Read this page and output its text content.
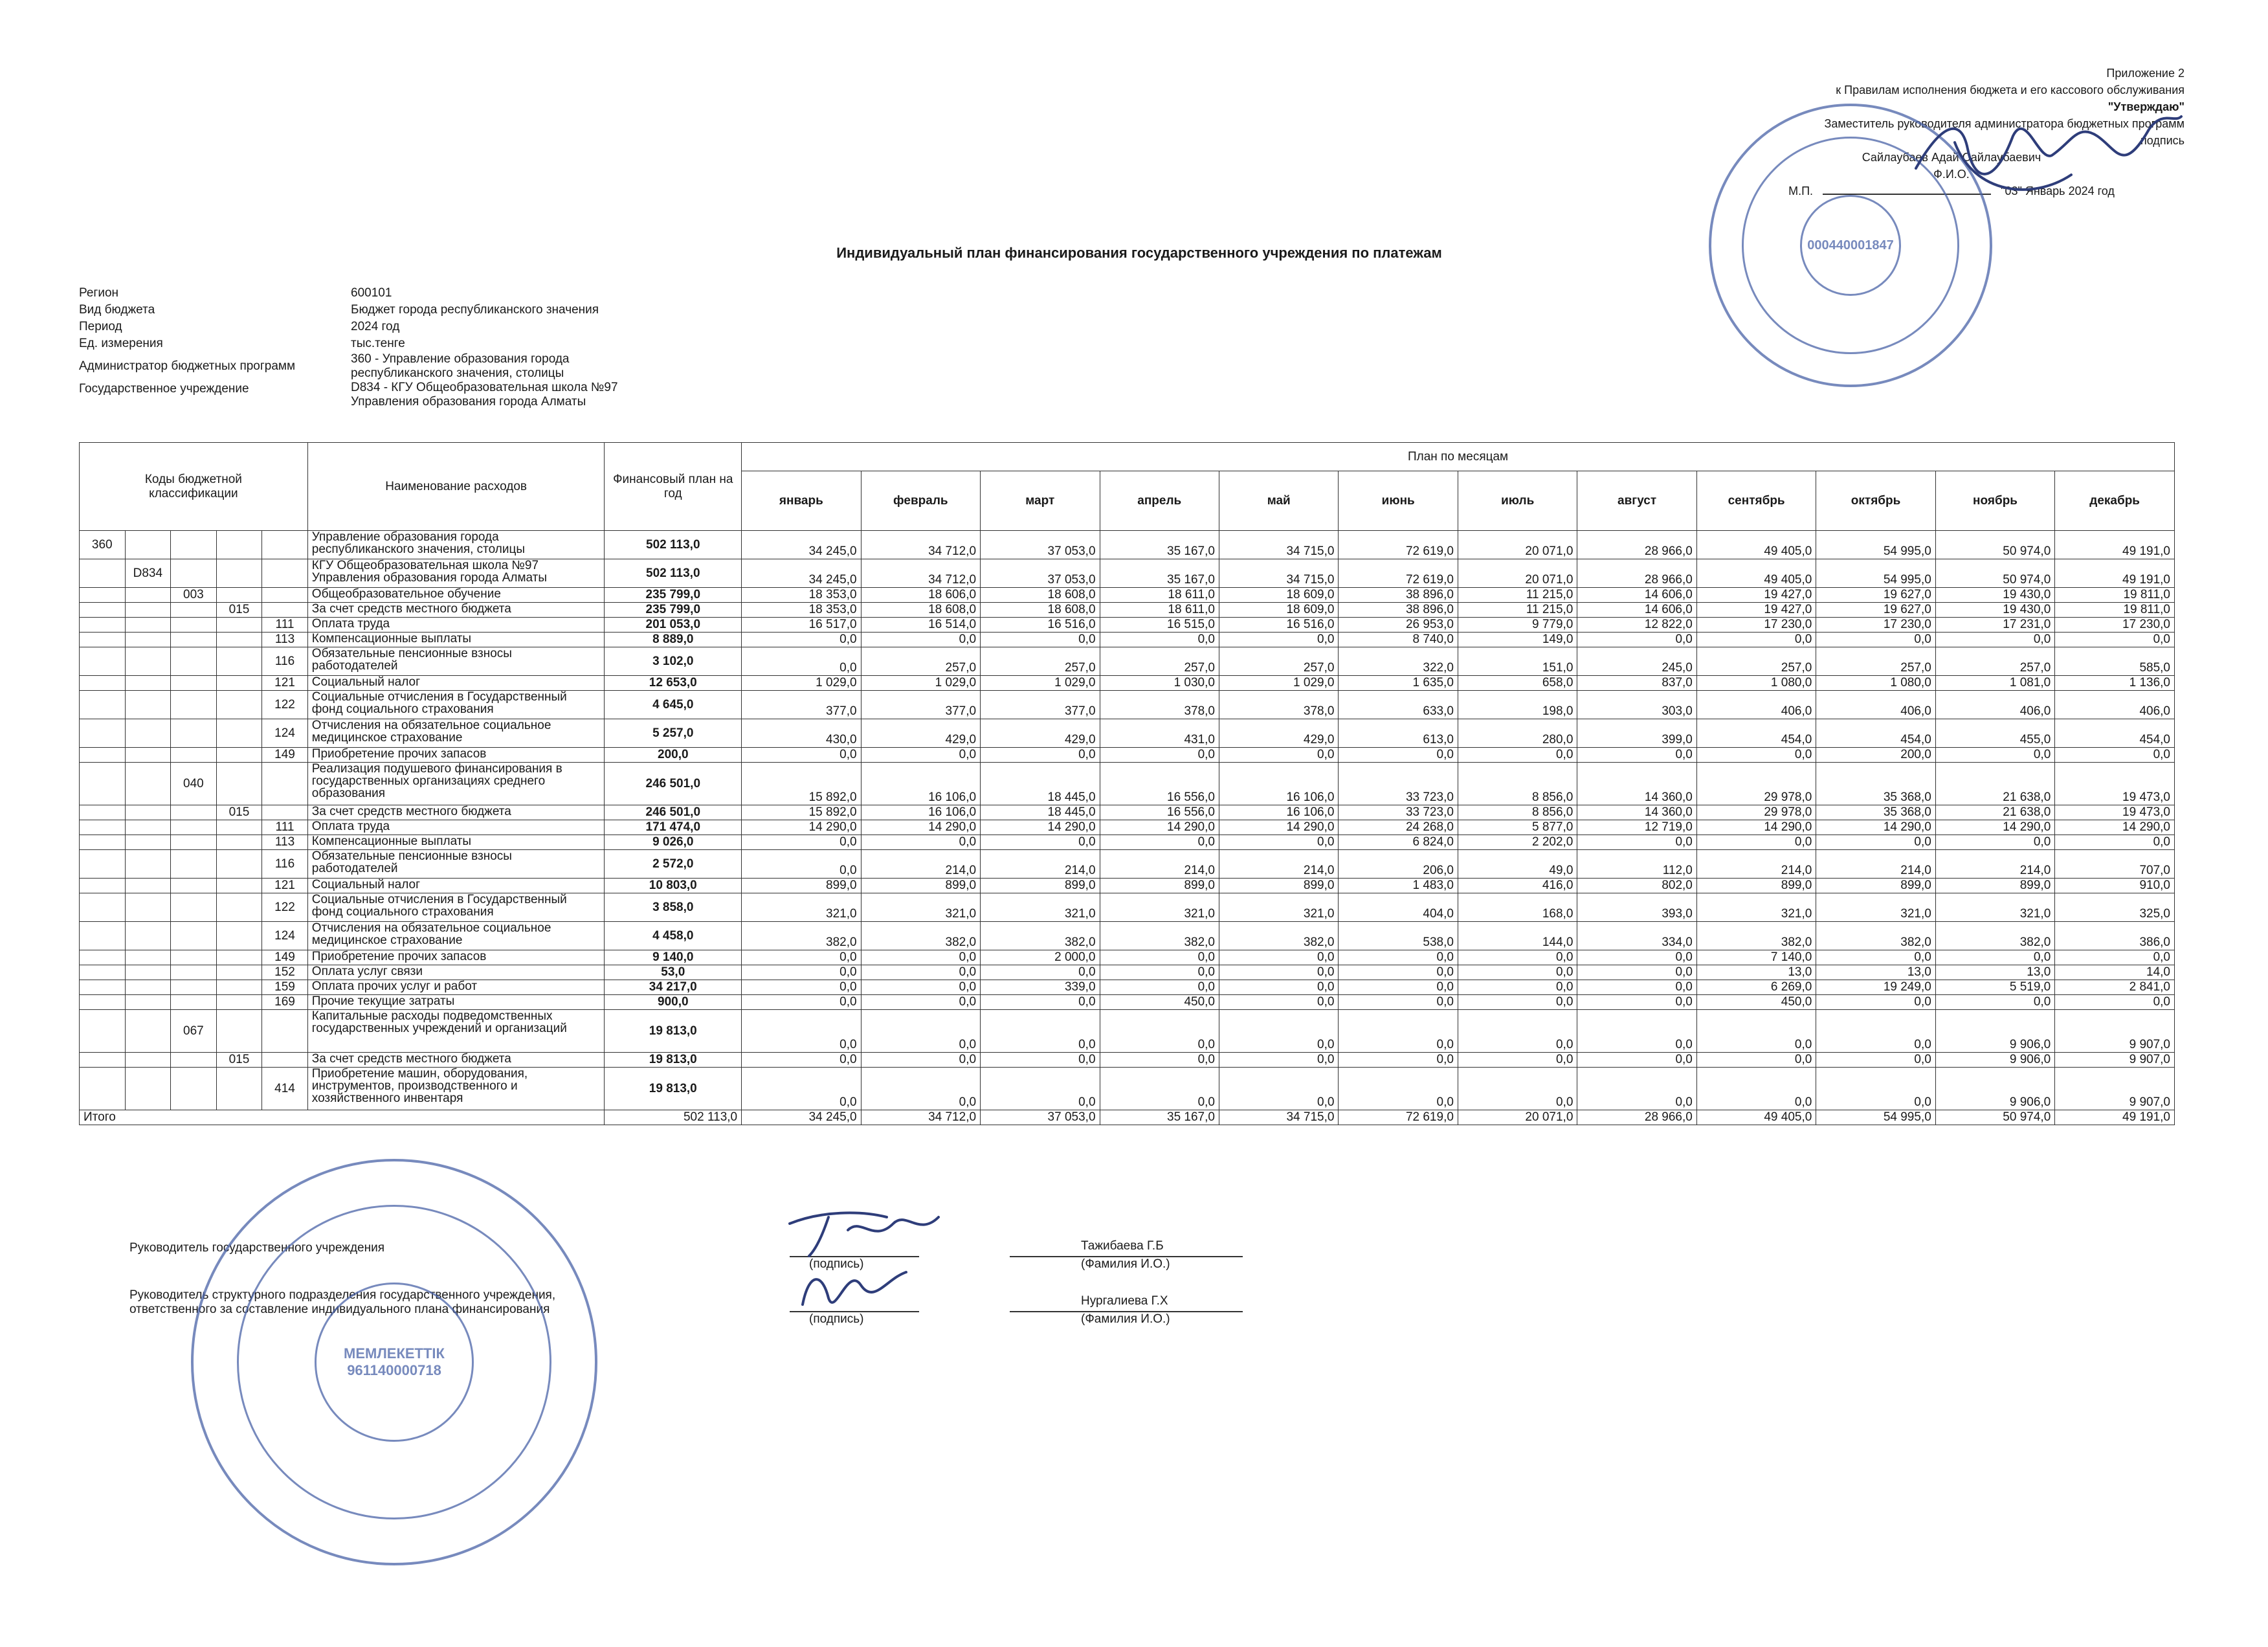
Приложение 2
к Правилам исполнения бюджета и его кассового обслуживания
"Утверждаю"
Заместитель руководителя администратора бюджетных программ
подпись
Сайлаубаев Адай Сайлаубаевич
Ф.И.О.
М.П.	"03" Январь 2024 год
000440001847
Индивидуальный план финансирования государственного учреждения по платежам
Регион	600101
Вид бюджета	Бюджет города республиканского значения
Период	2024 год
Ед. измерения	тыс.тенге
Администратор бюджетных программ
360 - Управление образования города республиканского значения, столицы
Государственное учреждение	D834 - КГУ Общеобразовательная школа №97 Управления образования города Алматы
Коды бюджетной классификации					Наименование расходов	Финансовый план на год	План по месяцам											
							январь	февраль	март	апрель	май	июнь	июль	август	сентябрь	октябрь	ноябрь	декабрь
360					Управление образования города республиканского значения, столицы	502 113,0	34 245,0	34 712,0	37 053,0	35 167,0	34 715,0	72 619,0	20 071,0	28 966,0	49 405,0	54 995,0	50 974,0	49 191,0
	D834				КГУ Общеобразовательная школа №97 Управления образования города Алматы	502 113,0	34 245,0	34 712,0	37 053,0	35 167,0	34 715,0	72 619,0	20 071,0	28 966,0	49 405,0	54 995,0	50 974,0	49 191,0
		003			Общеобразовательное обучение	235 799,0	18 353,0	18 606,0	18 608,0	18 611,0	18 609,0	38 896,0	11 215,0	14 606,0	19 427,0	19 627,0	19 430,0	19 811,0
			015		За счет средств местного бюджета	235 799,0	18 353,0	18 608,0	18 608,0	18 611,0	18 609,0	38 896,0	11 215,0	14 606,0	19 427,0	19 627,0	19 430,0	19 811,0
				111	Оплата труда	201 053,0	16 517,0	16 514,0	16 516,0	16 515,0	16 516,0	26 953,0	9 779,0	12 822,0	17 230,0	17 230,0	17 231,0	17 230,0
				113	Компенсационные выплаты	8 889,0	0,0	0,0	0,0	0,0	0,0	8 740,0	149,0	0,0	0,0	0,0	0,0	0,0
				116	Обязательные пенсионные взносы работодателей	3 102,0	0,0	257,0	257,0	257,0	257,0	322,0	151,0	245,0	257,0	257,0	257,0	585,0
				121	Социальный налог	12 653,0	1 029,0	1 029,0	1 029,0	1 030,0	1 029,0	1 635,0	658,0	837,0	1 080,0	1 080,0	1 081,0	1 136,0
				122	Социальные отчисления в Государственный фонд социального страхования	4 645,0	377,0	377,0	377,0	378,0	378,0	633,0	198,0	303,0	406,0	406,0	406,0	406,0
				124	Отчисления на обязательное социальное медицинское страхование	5 257,0	430,0	429,0	429,0	431,0	429,0	613,0	280,0	399,0	454,0	454,0	455,0	454,0
				149	Приобретение прочих запасов	200,0	0,0	0,0	0,0	0,0	0,0	0,0	0,0	0,0	0,0	200,0	0,0	0,0
		040			Реализация подушевого финансирования в государственных организациях среднего образования	246 501,0	15 892,0	16 106,0	18 445,0	16 556,0	16 106,0	33 723,0	8 856,0	14 360,0	29 978,0	35 368,0	21 638,0	19 473,0
			015		За счет средств местного бюджета	246 501,0	15 892,0	16 106,0	18 445,0	16 556,0	16 106,0	33 723,0	8 856,0	14 360,0	29 978,0	35 368,0	21 638,0	19 473,0
				111	Оплата труда	171 474,0	14 290,0	14 290,0	14 290,0	14 290,0	14 290,0	24 268,0	5 877,0	12 719,0	14 290,0	14 290,0	14 290,0	14 290,0
				113	Компенсационные выплаты	9 026,0	0,0	0,0	0,0	0,0	0,0	6 824,0	2 202,0	0,0	0,0	0,0	0,0	0,0
				116	Обязательные пенсионные взносы работодателей	2 572,0	0,0	214,0	214,0	214,0	214,0	206,0	49,0	112,0	214,0	214,0	214,0	707,0
				121	Социальный налог	10 803,0	899,0	899,0	899,0	899,0	899,0	1 483,0	416,0	802,0	899,0	899,0	899,0	910,0
				122	Социальные отчисления в Государственный фонд социального страхования	3 858,0	321,0	321,0	321,0	321,0	321,0	404,0	168,0	393,0	321,0	321,0	321,0	325,0
				124	Отчисления на обязательное социальное медицинское страхование	4 458,0	382,0	382,0	382,0	382,0	382,0	538,0	144,0	334,0	382,0	382,0	382,0	386,0
				149	Приобретение прочих запасов	9 140,0	0,0	0,0	2 000,0	0,0	0,0	0,0	0,0	0,0	7 140,0	0,0	0,0	0,0
				152	Оплата услуг связи	53,0	0,0	0,0	0,0	0,0	0,0	0,0	0,0	0,0	13,0	13,0	13,0	14,0
				159	Оплата прочих услуг и работ	34 217,0	0,0	0,0	339,0	0,0	0,0	0,0	0,0	0,0	6 269,0	19 249,0	5 519,0	2 841,0
				169	Прочие текущие затраты	900,0	0,0	0,0	0,0	450,0	0,0	0,0	0,0	0,0	450,0	0,0	0,0	0,0
		067			Капитальные расходы подведомственных государственных учреждений и организаций	19 813,0	0,0	0,0	0,0	0,0	0,0	0,0	0,0	0,0	0,0	0,0	9 906,0	9 907,0
			015		За счет средств местного бюджета	19 813,0	0,0	0,0	0,0	0,0	0,0	0,0	0,0	0,0	0,0	0,0	9 906,0	9 907,0
				414	Приобретение машин, оборудования, инструментов, производственного и хозяйственного инвентаря	19 813,0	0,0	0,0	0,0	0,0	0,0	0,0	0,0	0,0	0,0	0,0	9 906,0	9 907,0
Итого						502 113,0	34 245,0	34 712,0	37 053,0	35 167,0	34 715,0	72 619,0	20 071,0	28 966,0	49 405,0	54 995,0	50 974,0	49 191,0
Руководитель государственного учреждения
(подпись)
Тажибаева Г.Б
(Фамилия И.О.)
Руководитель структурного подразделения государственного учреждения, ответственного за составление индивидуального плана финансирования
(подпись)
Нургалиева Г.Х
(Фамилия И.О.)
МЕМЛЕКЕТТІК
961140000718
